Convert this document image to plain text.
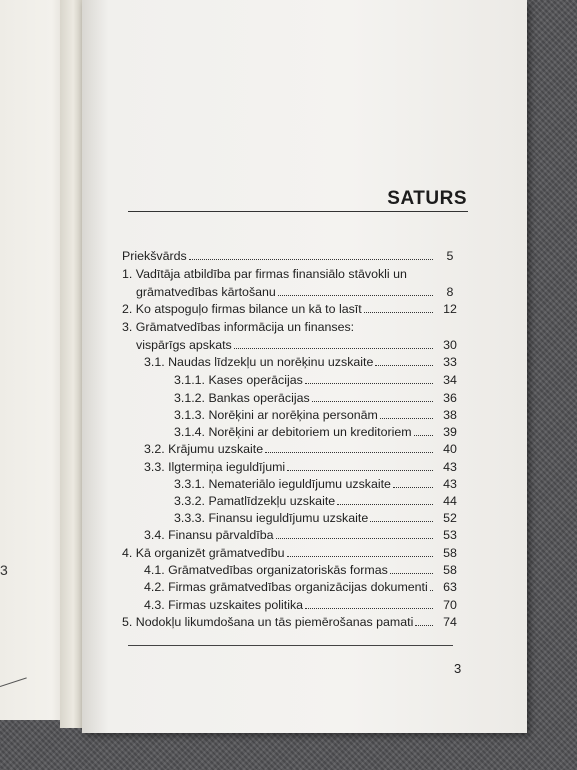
3
SATURS
Priekšvārds	5
1. Vadītāja atbildība par firmas finansiālo stāvokli un
grāmatvedības kārtošanu	8
2. Ko atspoguļo firmas bilance un kā to lasīt	12
3. Grāmatvedības informācija un finanses:
vispārīgs apskats	30
3.1. Naudas līdzekļu un norēķinu uzskaite	33
3.1.1. Kases operācijas	34
3.1.2. Bankas operācijas	36
3.1.3. Norēķini ar norēķina personām	38
3.1.4. Norēķini ar debitoriem un kreditoriem	39
3.2. Krājumu uzskaite	40
3.3. Ilgtermiņa ieguldījumi	43
3.3.1. Nemateriālo ieguldījumu uzskaite	43
3.3.2. Pamatlīdzekļu uzskaite	44
3.3.3. Finansu ieguldījumu uzskaite	52
3.4. Finansu pārvaldība	53
4. Kā organizēt grāmatvedību	58
4.1. Grāmatvedības organizatoriskās formas	58
4.2. Firmas grāmatvedības organizācijas dokumenti	63
4.3. Firmas uzskaites politika	70
5. Nodokļu likumdošana un tās piemērošanas pamati	74
3
